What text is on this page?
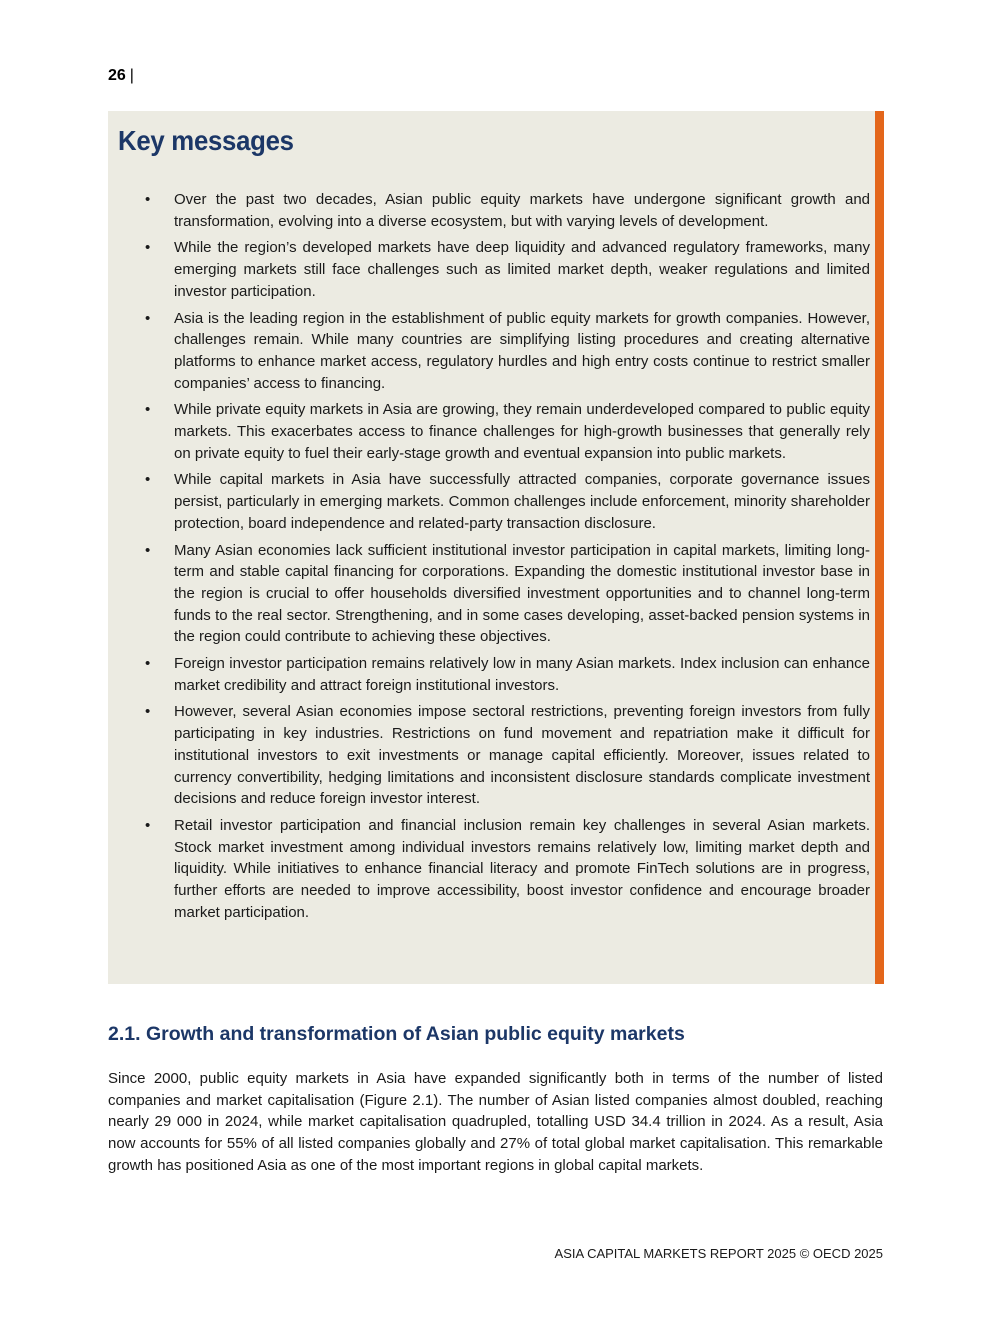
26 |
Key messages
• Over the past two decades, Asian public equity markets have undergone significant growth and transformation, evolving into a diverse ecosystem, but with varying levels of development.
• While the region’s developed markets have deep liquidity and advanced regulatory frameworks, many emerging markets still face challenges such as limited market depth, weaker regulations and limited investor participation.
• Asia is the leading region in the establishment of public equity markets for growth companies. However, challenges remain. While many countries are simplifying listing procedures and creating alternative platforms to enhance market access, regulatory hurdles and high entry costs continue to restrict smaller companies’ access to financing.
• While private equity markets in Asia are growing, they remain underdeveloped compared to public equity markets. This exacerbates access to finance challenges for high-growth businesses that generally rely on private equity to fuel their early-stage growth and eventual expansion into public markets.
• While capital markets in Asia have successfully attracted companies, corporate governance issues persist, particularly in emerging markets. Common challenges include enforcement, minority shareholder protection, board independence and related-party transaction disclosure.
• Many Asian economies lack sufficient institutional investor participation in capital markets, limiting long-term and stable capital financing for corporations. Expanding the domestic institutional investor base in the region is crucial to offer households diversified investment opportunities and to channel long-term funds to the real sector. Strengthening, and in some cases developing, asset-backed pension systems in the region could contribute to achieving these objectives.
• Foreign investor participation remains relatively low in many Asian markets. Index inclusion can enhance market credibility and attract foreign institutional investors.
• However, several Asian economies impose sectoral restrictions, preventing foreign investors from fully participating in key industries. Restrictions on fund movement and repatriation make it difficult for institutional investors to exit investments or manage capital efficiently. Moreover, issues related to currency convertibility, hedging limitations and inconsistent disclosure standards complicate investment decisions and reduce foreign investor interest.
• Retail investor participation and financial inclusion remain key challenges in several Asian markets. Stock market investment among individual investors remains relatively low, limiting market depth and liquidity. While initiatives to enhance financial literacy and promote FinTech solutions are in progress, further efforts are needed to improve accessibility, boost investor confidence and encourage broader market participation.
2.1. Growth and transformation of Asian public equity markets

Since 2000, public equity markets in Asia have expanded significantly both in terms of the number of listed companies and market capitalisation (Figure 2.1). The number of Asian listed companies almost doubled, reaching nearly 29 000 in 2024, while market capitalisation quadrupled, totalling USD 34.4 trillion in 2024. As a result, Asia now accounts for 55% of all listed companies globally and 27% of total global market capitalisation. This remarkable growth has positioned Asia as one of the most important regions in global capital markets.

ASIA CAPITAL MARKETS REPORT 2025 © OECD 2025
